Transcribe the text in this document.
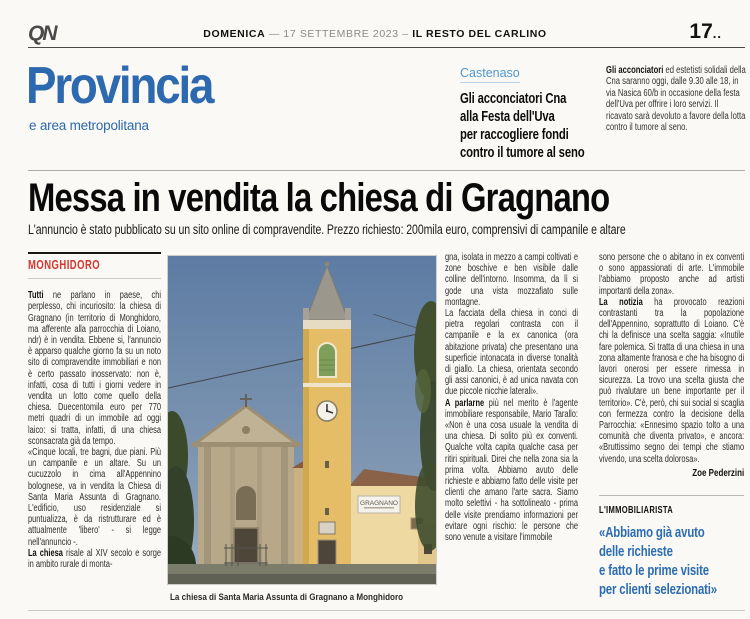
QN	DOMENICA — 17 SETTEMBRE 2023 – IL RESTO DEL CARLINO	17..
Provincia
e area metropolitana
Castenaso
Gli acconciatori Cna
alla Festa dell'Uva
per raccogliere fondi
contro il tumore al seno
Gli acconciatori ed estetisti solidali della Cna saranno oggi, dalle 9.30 alle 18, in via Nasica 60/b in occasione della festa dell'Uva per offrire i loro servizi. Il ricavato sarà devoluto a favore della lotta contro il tumore al seno.
Messa in vendita la chiesa di Gragnano
L'annuncio è stato pubblicato su un sito online di compravendite. Prezzo richiesto: 200mila euro, comprensivi di campanile e altare
MONGHIDORO

Tutti ne parlano in paese, chi perplesso, chi incuriosito: la chiesa di Gragnano (in territorio di Monghidoro, ma afferente alla parrocchia di Loiano, ndr) è in vendita. Ebbene si, l'annuncio è apparso qualche giorno fa su un noto sito di compravendite immobiliari e non è certo passato inosservato: non è, infatti, cosa di tutti i giorni vedere in vendita un lotto come quello della chiesa. Duecentomila euro per 770 metri quadri di un immobile ad oggi laico: si tratta, infatti, di una chiesa sconsacrata già da tempo.

«Cinque locali, tre bagni, due piani. Più un campanile e un altare. Su un cucuzzolo in cima all'Appennino bolognese, va in vendita la Chiesa di Santa Maria Assunta di Gragnano. L'edificio, uso residenziale si puntualizza, è da ristrutturare ed è attualmente 'libero' - si legge nell'annuncio -.

La chiesa risale al XIV secolo e sorge in ambito rurale di monta-

GRAGNANO
La chiesa di Santa Maria Assunta di Gragnano a Monghidoro

gna, isolata in mezzo a campi coltivati e zone boschive e ben visibile dalle colline dell'intorno. Insomma, da lì si gode una vista mozzafiato sulle montagne.

La facciata della chiesa in conci di pietra regolari contrasta con il campanile e la ex canonica (ora abitazione privata) che presentano una superficie intonacata in diverse tonalità di giallo. La chiesa, orientata secondo gli assi canonici, è ad unica navata con due piccole nicchie laterali».

A parlarne più nel merito è l'agente immobiliare responsabile, Mario Tarallo: «Non è una cosa usuale la vendita di una chiesa. Di solito più ex conventi. Qualche volta capita qualche casa per ritiri spirituali. Direi che nella zona sia la prima volta. Abbiamo avuto delle richieste e abbiamo fatto delle visite per clienti che amano l'arte sacra. Siamo molto selettivi - ha sottolineato - prima delle visite prendiamo informazioni per evitare ogni rischio: le persone che sono venute a visitare l'immobile

sono persone che o abitano in ex conventi o sono appassionati di arte. L'immobile l'abbiamo proposto anche ad artisti importanti della zona».

La notizia ha provocato reazioni contrastanti tra la popolazione dell'Appennino, soprattutto di Loiano. C'è chi la definisce una scelta saggia: «Inutile fare polemica. Si tratta di una chiesa in una zona altamente franosa e che ha bisogno di lavori onerosi per essere rimessa in sicurezza. La trovo una scelta giusta che può rivalutare un bene importante per il territorio». C'è, però, chi sui social si scaglia con fermezza contro la decisione della Parrocchia: «Ennesimo spazio tolto a una comunità che diventa privato», e ancora: «Bruttissimo segno dei tempi che stiamo vivendo, una scelta dolorosa».

Zoe Pederzini
L'IMMOBILIARISTA
«Abbiamo già avuto
delle richieste
e fatto le prime visite
per clienti selezionati»
